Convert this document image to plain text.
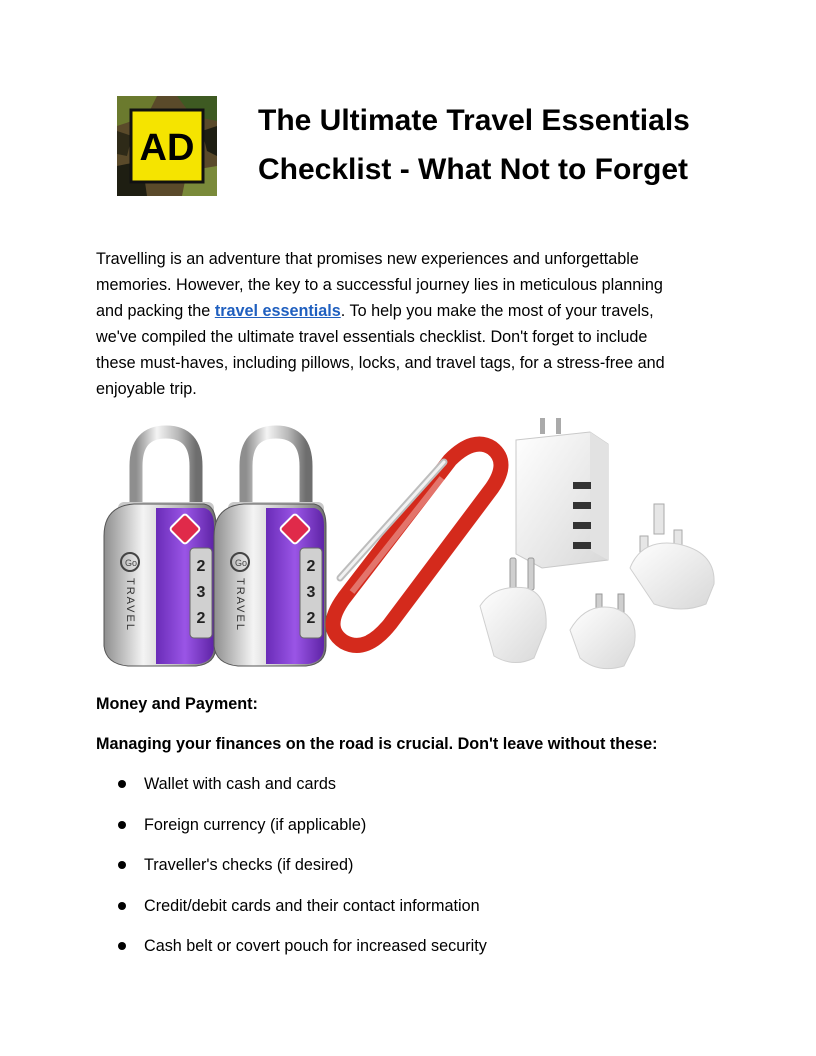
AD
The Ultimate Travel Essentials
Checklist - What Not to Forget

Travelling is an adventure that promises new experiences and unforgettable
memories. However, the key to a successful journey lies in meticulous planning
and packing the travel essentials. To help you make the most of your travels,
we've compiled the ultimate travel essentials checklist. Don't forget to include
these must-haves, including pillows, locks, and travel tags, for a stress-free and
enjoyable trip.

Go
TRAVEL
2
3
2
Go
TRAVEL
2
3
2

Money and Payment:

Managing your finances on the road is crucial. Don't leave without these:

Wallet with cash and cards
Foreign currency (if applicable)
Traveller's checks (if desired)
Credit/debit cards and their contact information
Cash belt or covert pouch for increased security
